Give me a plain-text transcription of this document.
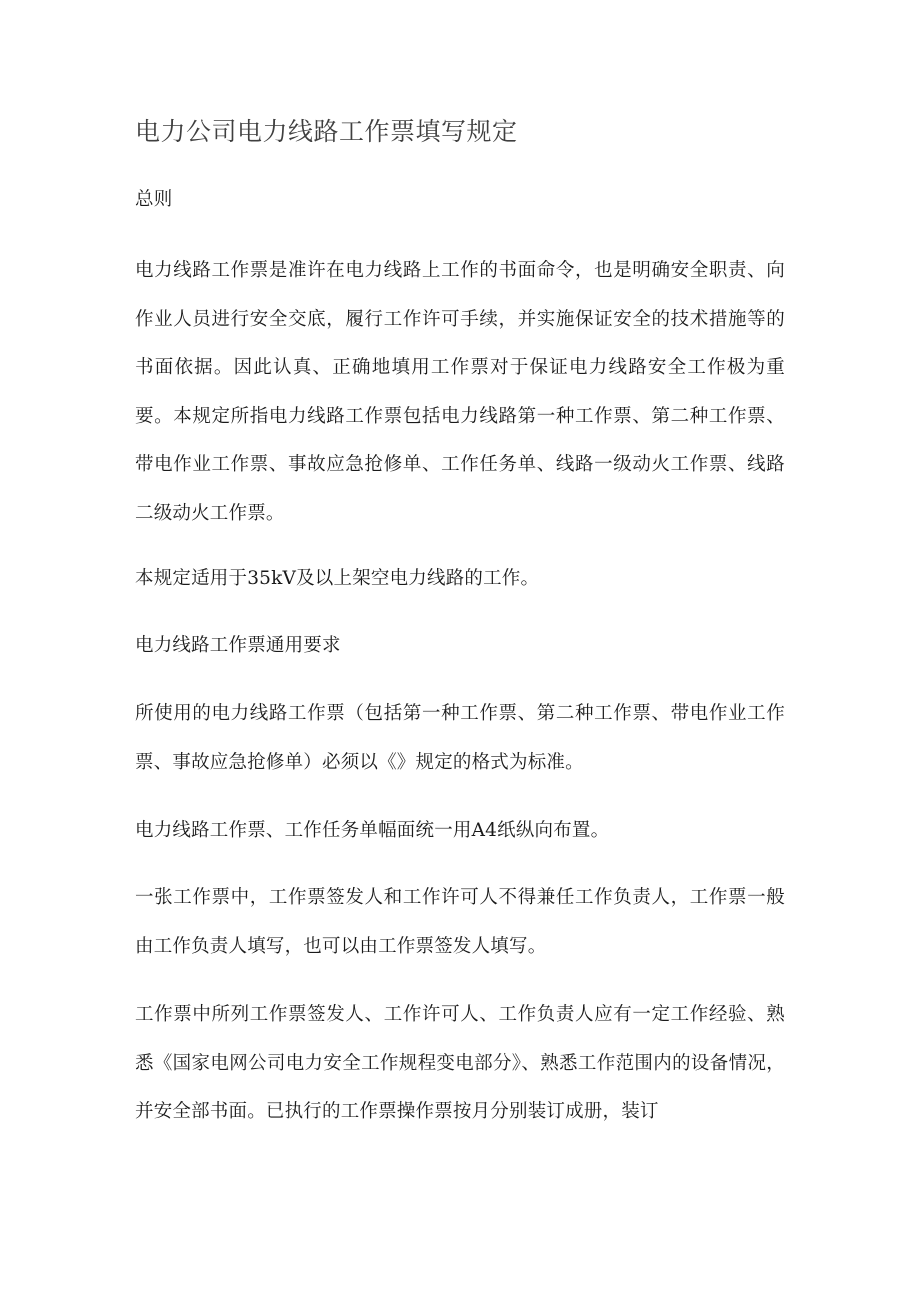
电力公司电力线路工作票填写规定

总则

电力线路工作票是准许在电力线路上工作的书面命令，也是明确安全职责、向作业人员进行安全交底，履行工作许可手续，并实施保证安全的技术措施等的书面依据。因此认真、正确地填用工作票对于保证电力线路安全工作极为重要。本规定所指电力线路工作票包括电力线路第一种工作票、第二种工作票、带电作业工作票、事故应急抢修单、工作任务单、线路一级动火工作票、线路二级动火工作票。

本规定适用于35kV及以上架空电力线路的工作。

电力线路工作票通用要求

所使用的电力线路工作票（包括第一种工作票、第二种工作票、带电作业工作票、事故应急抢修单）必须以《》规定的格式为标准。

电力线路工作票、工作任务单幅面统一用A4纸纵向布置。

一张工作票中，工作票签发人和工作许可人不得兼任工作负责人，工作票一般由工作负责人填写，也可以由工作票签发人填写。

工作票中所列工作票签发人、工作许可人、工作负责人应有一定工作经验、熟悉《国家电网公司电力安全工作规程变电部分》、熟悉工作范围内的设备情况，并安全部书面。已执行的工作票操作票按月分别装订成册，装订
